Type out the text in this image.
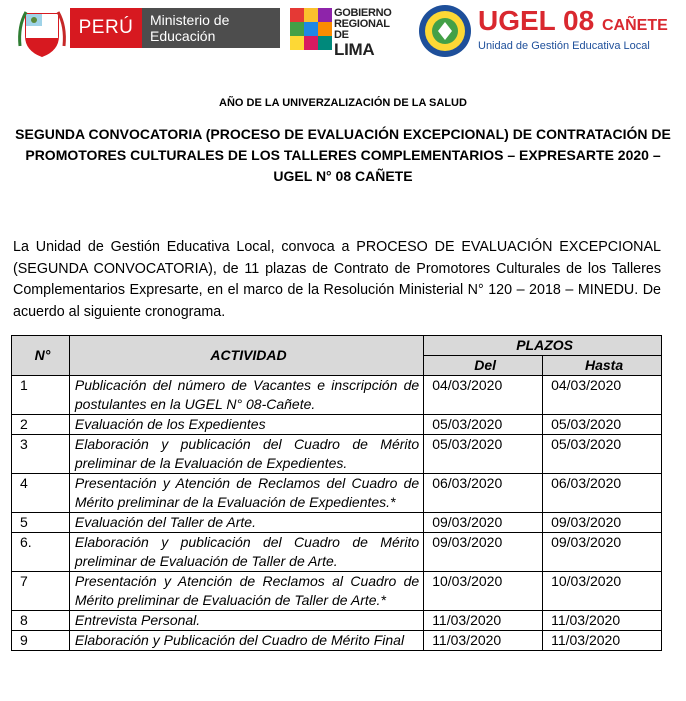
PERÚ	Ministerio de Educación
GOBIERNO
REGIONAL
DE
LIMA
UGEL 08 CAÑETE
Unidad de Gestión Educativa Local
AÑO DE LA UNIVERZALIZACIÓN DE LA SALUD
SEGUNDA CONVOCATORIA (PROCESO DE EVALUACIÓN EXCEPCIONAL) DE CONTRATACIÓN DE PROMOTORES CULTURALES DE LOS TALLERES COMPLEMENTARIOS – EXPRESARTE 2020 – UGEL N° 08 CAÑETE
La Unidad de Gestión Educativa Local, convoca a PROCESO DE EVALUACIÓN EXCEPCIONAL (SEGUNDA CONVOCATORIA), de 11 plazas de Contrato de Promotores Culturales de los Talleres Complementarios Expresarte, en el marco de la Resolución Ministerial N° 120 – 2018 – MINEDU. De acuerdo al siguiente cronograma.
N°	ACTIVIDAD	PLAZOS	
		Del	Hasta
1	Publicación del número de Vacantes e inscripción de postulantes en la UGEL N° 08-Cañete.	04/03/2020	04/03/2020
2	Evaluación de los Expedientes	05/03/2020	05/03/2020
3	Elaboración y publicación del Cuadro de Mérito preliminar de la Evaluación de Expedientes.	05/03/2020	05/03/2020
4	Presentación y Atención de Reclamos del Cuadro de Mérito preliminar de la Evaluación de Expedientes.*	06/03/2020	06/03/2020
5	Evaluación del Taller de Arte.	09/03/2020	09/03/2020
6.	Elaboración y publicación del Cuadro de Mérito preliminar de Evaluación de Taller de Arte.	09/03/2020	09/03/2020
7	Presentación y Atención de Reclamos al Cuadro de Mérito preliminar de Evaluación de Taller de Arte.*	10/03/2020	10/03/2020
8	Entrevista Personal.	11/03/2020	11/03/2020
9	Elaboración y Publicación del Cuadro de Mérito Final	11/03/2020	11/03/2020
